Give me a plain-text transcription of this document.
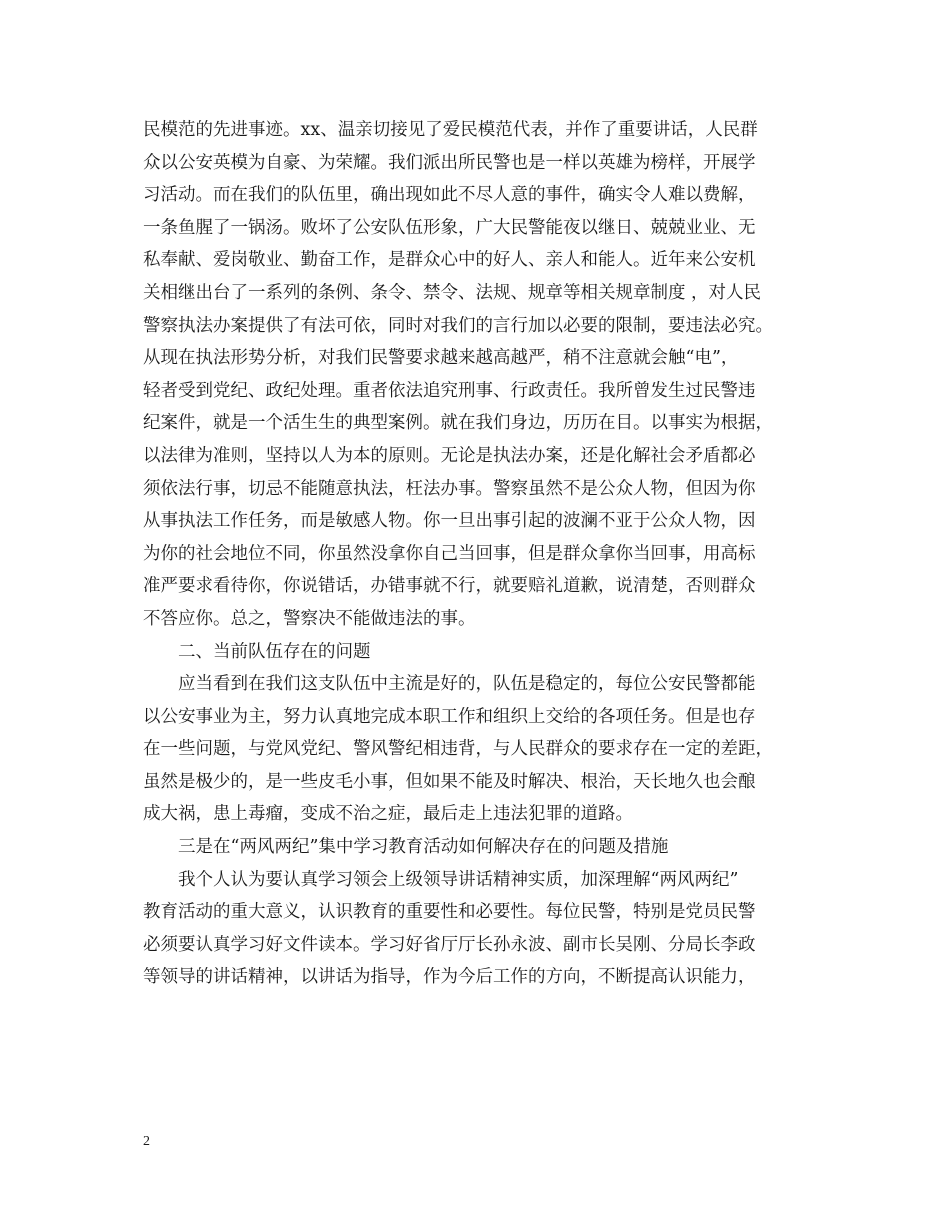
民模范的先进事迹。xx、温亲切接见了爱民模范代表，并作了重要讲话，人民群
众以公安英模为自豪、为荣耀。我们派出所民警也是一样以英雄为榜样，开展学
习活动。而在我们的队伍里，确出现如此不尽人意的事件，确实令人难以费解，
一条鱼腥了一锅汤。败坏了公安队伍形象，广大民警能夜以继日、兢兢业业、无
私奉献、爱岗敬业、勤奋工作，是群众心中的好人、亲人和能人。近年来公安机
关相继出台了一系列的条例、条令、禁令、法规、规章等相关规章制度 ，对人民
警察执法办案提供了有法可依，同时对我们的言行加以必要的限制，要违法必究。
从现在执法形势分析，对我们民警要求越来越高越严，稍不注意就会触“电”，
轻者受到党纪、政纪处理。重者依法追究刑事、行政责任。我所曾发生过民警违
纪案件，就是一个活生生的典型案例。就在我们身边，历历在目。以事实为根据，
以法律为准则，坚持以人为本的原则。无论是执法办案，还是化解社会矛盾都必
须依法行事，切忌不能随意执法，枉法办事。警察虽然不是公众人物，但因为你
从事执法工作任务，而是敏感人物。你一旦出事引起的波澜不亚于公众人物，因
为你的社会地位不同，你虽然没拿你自己当回事，但是群众拿你当回事，用高标
准严要求看待你，你说错话，办错事就不行，就要赔礼道歉，说清楚，否则群众
不答应你。总之，警察决不能做违法的事。
二、当前队伍存在的问题
应当看到在我们这支队伍中主流是好的，队伍是稳定的，每位公安民警都能
以公安事业为主，努力认真地完成本职工作和组织上交给的各项任务。但是也存
在一些问题，与党风党纪、警风警纪相违背，与人民群众的要求存在一定的差距，
虽然是极少的，是一些皮毛小事，但如果不能及时解决、根治，天长地久也会酿
成大祸，患上毒瘤，变成不治之症，最后走上违法犯罪的道路。
三是在“两风两纪”集中学习教育活动如何解决存在的问题及措施
我个人认为要认真学习领会上级领导讲话精神实质，加深理解“两风两纪”
教育活动的重大意义，认识教育的重要性和必要性。每位民警，特别是党员民警
必须要认真学习好文件读本。学习好省厅厅长孙永波、副市长吴刚、分局长李政
等领导的讲话精神，以讲话为指导，作为今后工作的方向，不断提高认识能力，
2
